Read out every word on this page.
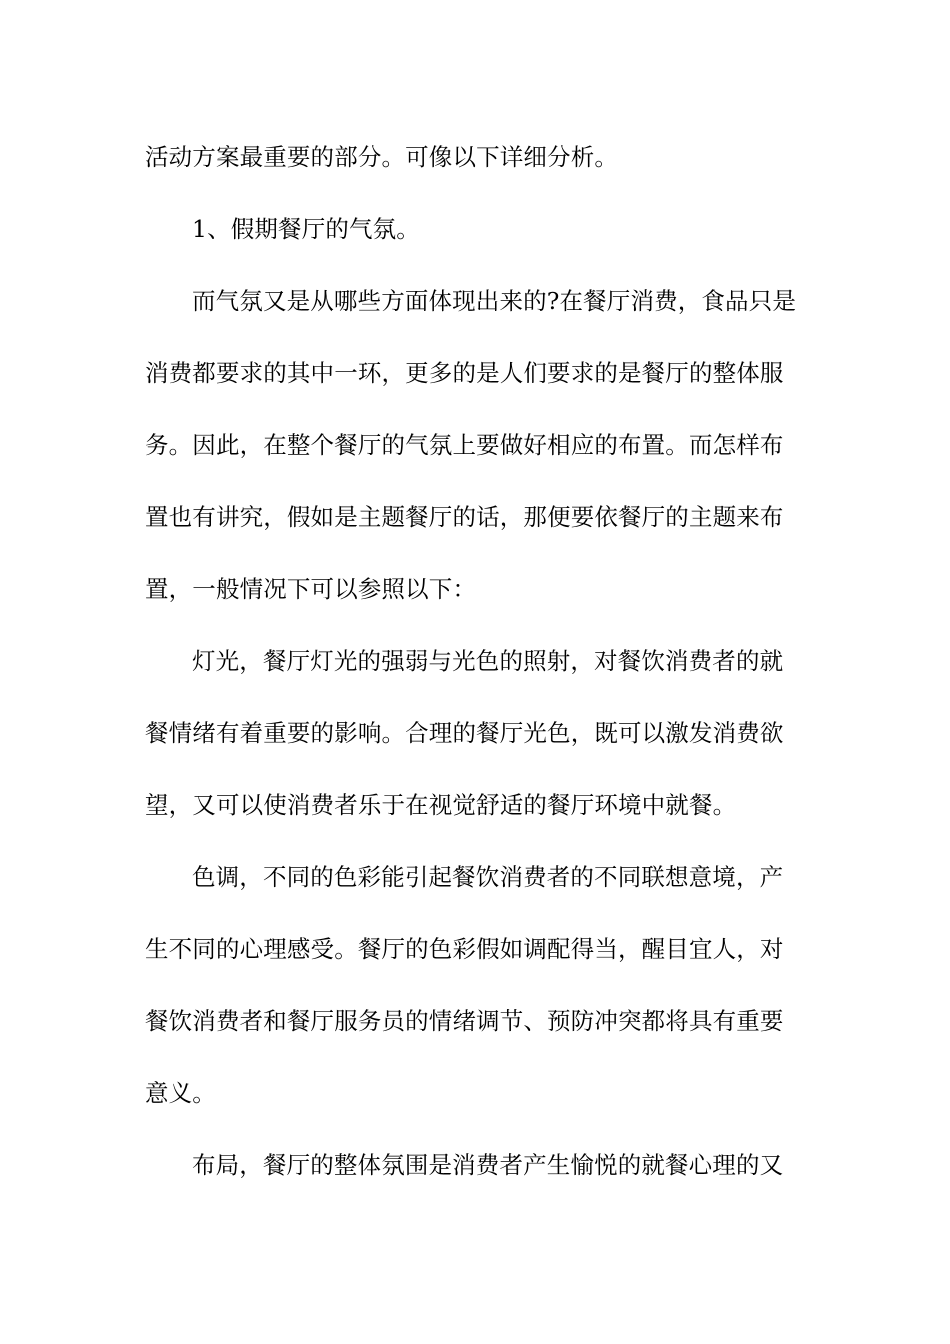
活动方案最重要的部分。可像以下详细分析。
1、假期餐厅的气氛。
而气氛又是从哪些方面体现出来的?在餐厅消费，食品只是
消费都要求的其中一环，更多的是人们要求的是餐厅的整体服
务。因此，在整个餐厅的气氛上要做好相应的布置。而怎样布
置也有讲究，假如是主题餐厅的话，那便要依餐厅的主题来布
置，一般情况下可以参照以下：
灯光，餐厅灯光的强弱与光色的照射，对餐饮消费者的就
餐情绪有着重要的影响。合理的餐厅光色，既可以激发消费欲
望，又可以使消费者乐于在视觉舒适的餐厅环境中就餐。
色调，不同的色彩能引起餐饮消费者的不同联想意境，产
生不同的心理感受。餐厅的色彩假如调配得当，醒目宜人，对
餐饮消费者和餐厅服务员的情绪调节、预防冲突都将具有重要
意义。
布局，餐厅的整体氛围是消费者产生愉悦的就餐心理的又
